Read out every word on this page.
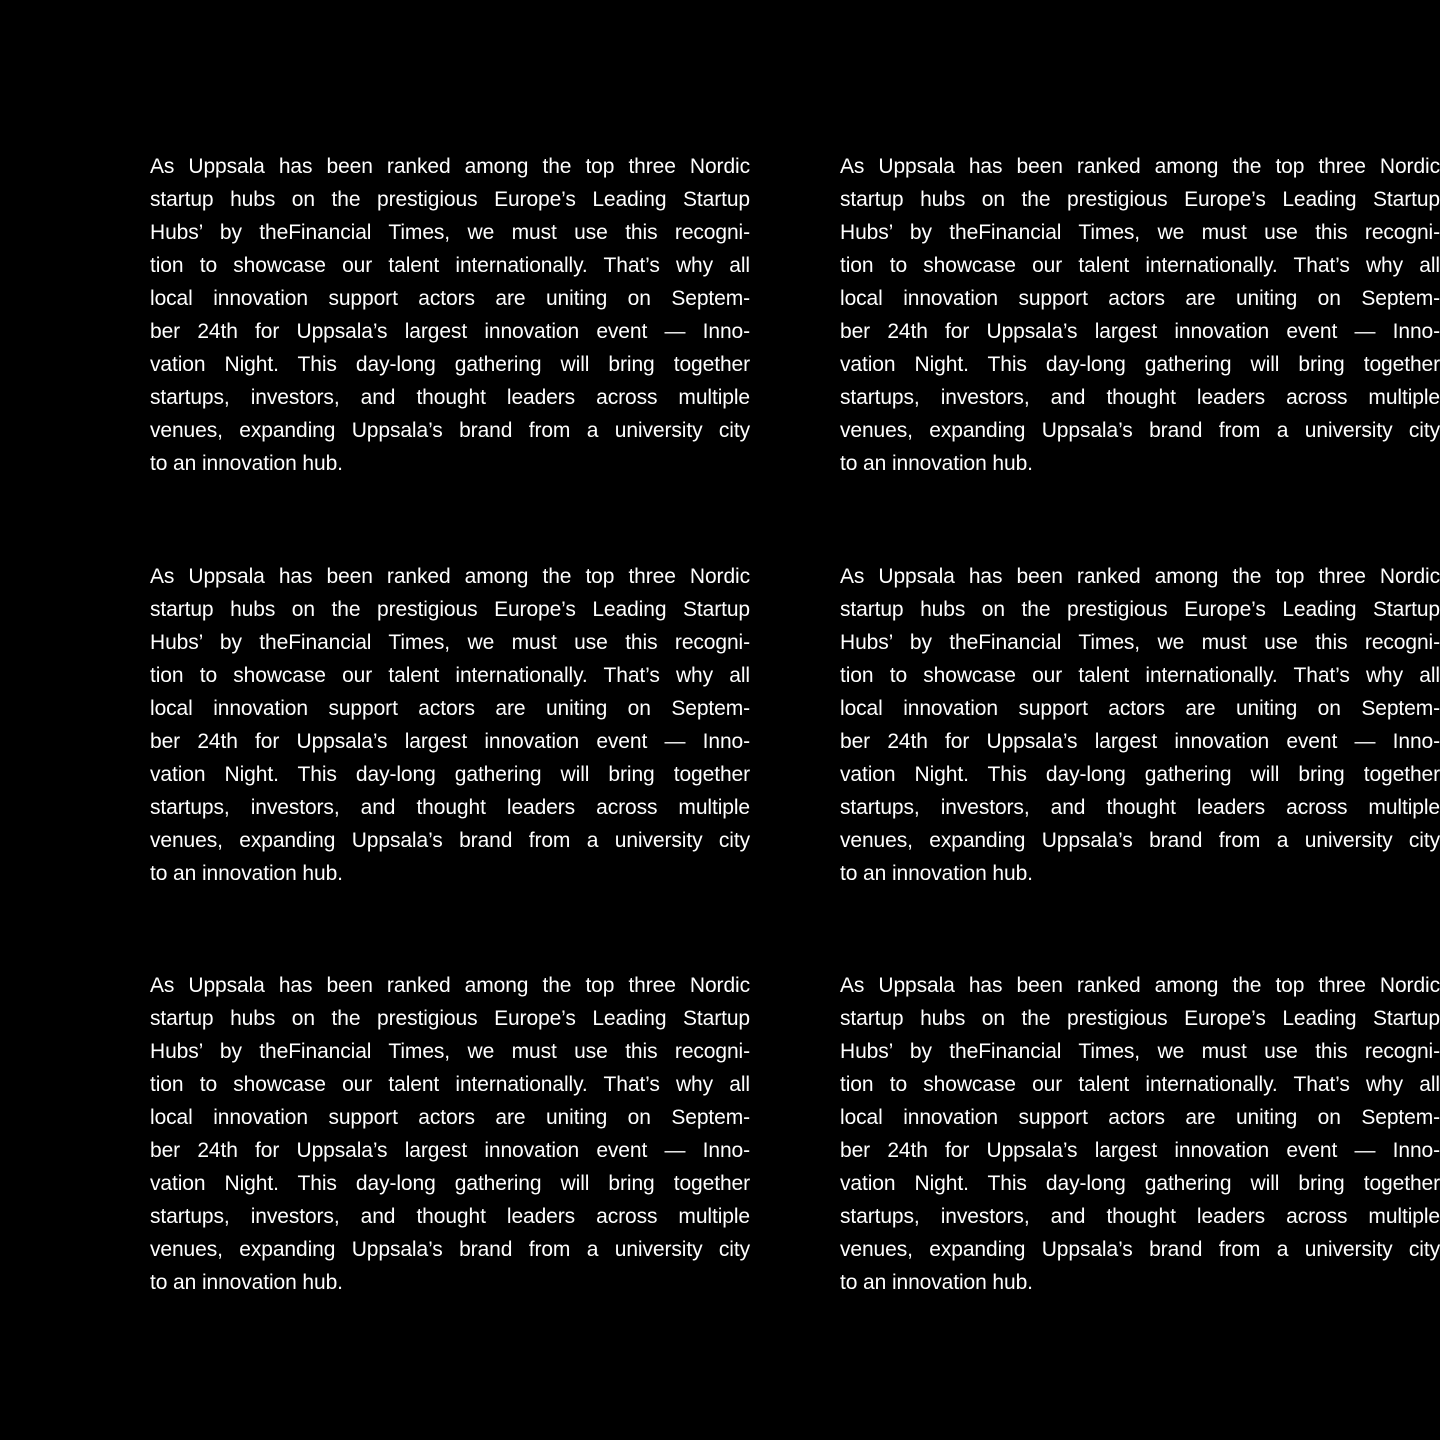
As Uppsala has been ranked among the top three Nordic
startup hubs on the prestigious Europe’s Leading Startup
Hubs’ by theFinancial Times, we must use this recogni-
tion to showcase our talent internationally. That’s why all
local innovation support actors are uniting on Septem-
ber 24th for Uppsala’s largest innovation event — Inno-
vation Night. This day-long gathering will bring together
startups, investors, and thought leaders across multiple
venues, expanding Uppsala’s brand from a university city
to an innovation hub.
As Uppsala has been ranked among the top three Nordic
startup hubs on the prestigious Europe’s Leading Startup
Hubs’ by theFinancial Times, we must use this recogni-
tion to showcase our talent internationally. That’s why all
local innovation support actors are uniting on Septem-
ber 24th for Uppsala’s largest innovation event — Inno-
vation Night. This day-long gathering will bring together
startups, investors, and thought leaders across multiple
venues, expanding Uppsala’s brand from a university city
to an innovation hub.
As Uppsala has been ranked among the top three Nordic
startup hubs on the prestigious Europe’s Leading Startup
Hubs’ by theFinancial Times, we must use this recogni-
tion to showcase our talent internationally. That’s why all
local innovation support actors are uniting on Septem-
ber 24th for Uppsala’s largest innovation event — Inno-
vation Night. This day-long gathering will bring together
startups, investors, and thought leaders across multiple
venues, expanding Uppsala’s brand from a university city
to an innovation hub.
As Uppsala has been ranked among the top three Nordic
startup hubs on the prestigious Europe’s Leading Startup
Hubs’ by theFinancial Times, we must use this recogni-
tion to showcase our talent internationally. That’s why all
local innovation support actors are uniting on Septem-
ber 24th for Uppsala’s largest innovation event — Inno-
vation Night. This day-long gathering will bring together
startups, investors, and thought leaders across multiple
venues, expanding Uppsala’s brand from a university city
to an innovation hub.
As Uppsala has been ranked among the top three Nordic
startup hubs on the prestigious Europe’s Leading Startup
Hubs’ by theFinancial Times, we must use this recogni-
tion to showcase our talent internationally. That’s why all
local innovation support actors are uniting on Septem-
ber 24th for Uppsala’s largest innovation event — Inno-
vation Night. This day-long gathering will bring together
startups, investors, and thought leaders across multiple
venues, expanding Uppsala’s brand from a university city
to an innovation hub.
As Uppsala has been ranked among the top three Nordic
startup hubs on the prestigious Europe’s Leading Startup
Hubs’ by theFinancial Times, we must use this recogni-
tion to showcase our talent internationally. That’s why all
local innovation support actors are uniting on Septem-
ber 24th for Uppsala’s largest innovation event — Inno-
vation Night. This day-long gathering will bring together
startups, investors, and thought leaders across multiple
venues, expanding Uppsala’s brand from a university city
to an innovation hub.
